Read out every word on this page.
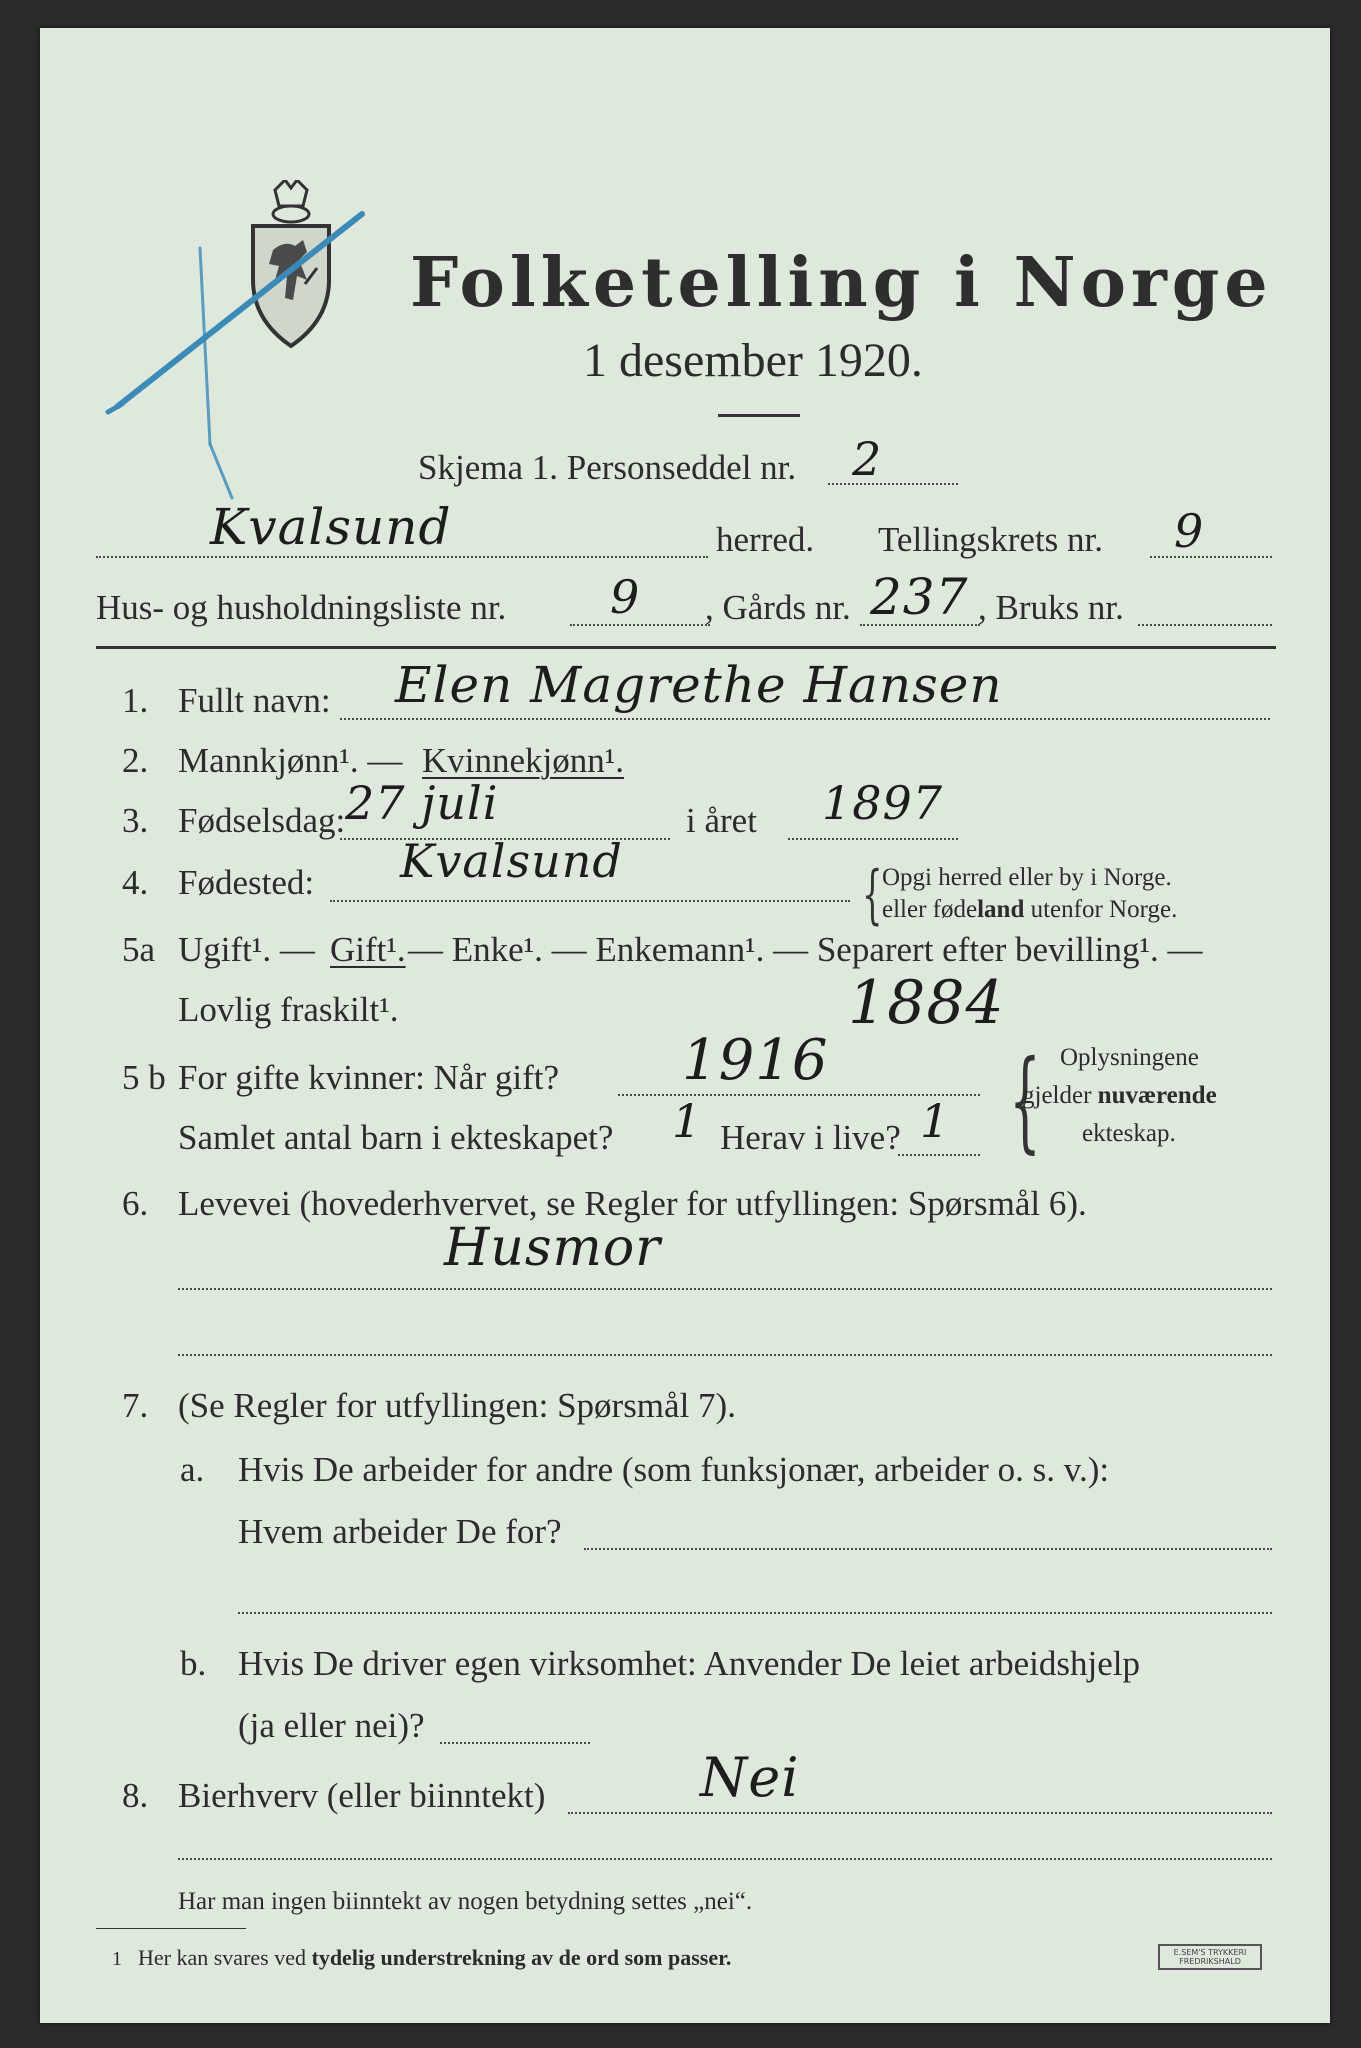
Folketelling i Norge
1 desember 1920.
Skjema 1. Personseddel nr. 2
Kvalsund	herred. Tellingskrets nr. 9
Hus- og husholdningsliste nr. 9 , Gårds nr. 237 , Bruks nr.
1. Fullt navn: Elen Magrethe Hansen
2. Mannkjønn¹. — Kvinnekjønn¹.
3. Fødselsdag: 27 juli	i året 1897
4. Fødested: Kvalsund	{ Opgi herred eller by i Norge.
eller fødeland utenfor Norge.
5a Ugift¹. — Gift¹. — Enke¹. — Enkemann¹. — Separert efter bevilling¹. —
Lovlig fraskilt¹.	1884
5 b For gifte kvinner: Når gift? 1916
Samlet antal barn i ekteskapet? 1 Herav i live? 1 { Oplysningene
gjelder nuværende
ekteskap.
6. Levevei (hovederhvervet, se Regler for utfyllingen: Spørsmål 6).
Husmor
7. (Se Regler for utfyllingen: Spørsmål 7).
a. Hvis De arbeider for andre (som funksjonær, arbeider o. s. v.):
Hvem arbeider De for?
b. Hvis De driver egen virksomhet: Anvender De leiet arbeidshjelp
(ja eller nei)?
8. Bierhverv (eller biinntekt)	Nei
Har man ingen biinntekt av nogen betydning settes „nei“.
1 Her kan svares ved tydelig understrekning av de ord som passer.	E.SEM'S TRYKKERI
FREDRIKSHALD
